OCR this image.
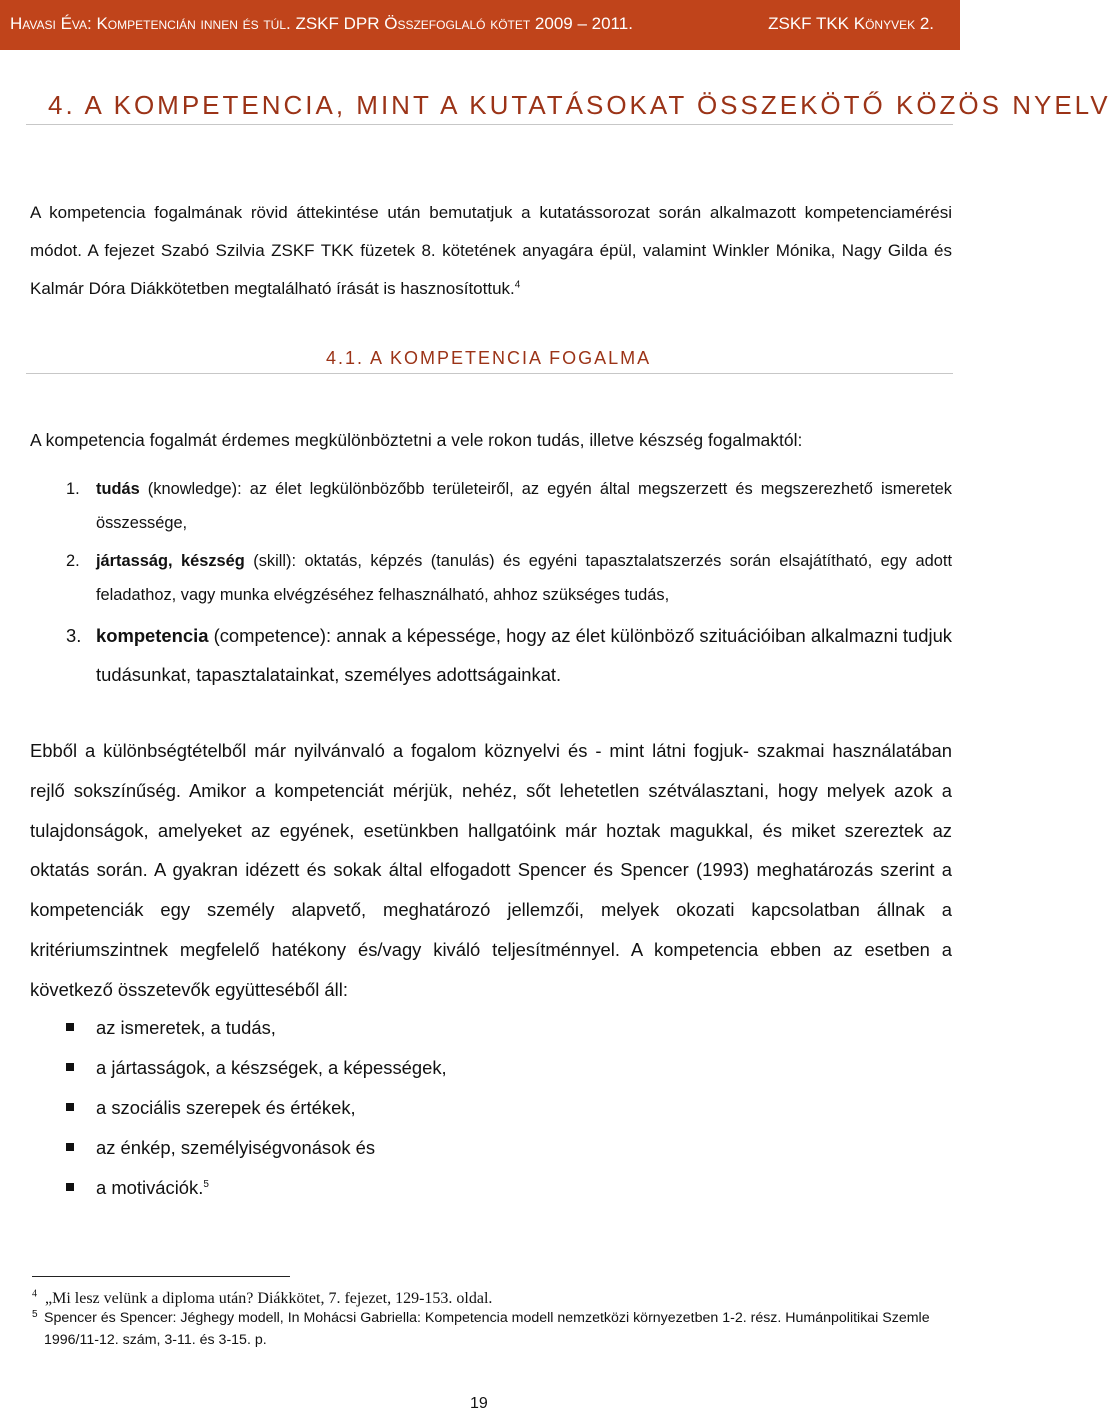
Havasi Éva: Kompetencián innen és túl. ZSKF DPR Összefoglaló kötet 2009 – 2011.	ZSKF TKK Könyvek 2.
4. A KOMPETENCIA, MINT A KUTATÁSOKAT ÖSSZEKÖTŐ KÖZÖS NYELV
A kompetencia fogalmának rövid áttekintése után bemutatjuk a kutatássorozat során alkalmazott kompetenciamérési módot. A fejezet Szabó Szilvia ZSKF TKK füzetek 8. kötetének anyagára épül, valamint Winkler Mónika, Nagy Gilda és Kalmár Dóra Diákkötetben megtalálható írását is hasznosítottuk.$^4$
4.1. A KOMPETENCIA FOGALMA
A kompetencia fogalmát érdemes megkülönböztetni a vele rokon tudás, illetve készség fogalmaktól:
1. tudás (knowledge): az élet legkülönbözőbb területeiről, az egyén által megszerzett és megszerezhető ismeretek összessége,
2. jártasság, készség (skill): oktatás, képzés (tanulás) és egyéni tapasztalatszerzés során elsajátítható, egy adott feladathoz, vagy munka elvégzéséhez felhasználható, ahhoz szükséges tudás,
3. kompetencia (competence): annak a képessége, hogy az élet különböző szituációiban alkalmazni tudjuk tudásunkat, tapasztalatainkat, személyes adottságainkat.
Ebből a különbségtételből már nyilvánvaló a fogalom köznyelvi és - mint látni fogjuk- szakmai használatában rejlő sokszínűség. Amikor a kompetenciát mérjük, nehéz, sőt lehetetlen szétválasztani, hogy melyek azok a tulajdonságok, amelyeket az egyének, esetünkben hallgatóink már hoztak magukkal, és miket szereztek az oktatás során. A gyakran idézett és sokak által elfogadott Spencer és Spencer (1993) meghatározás szerint a kompetenciák egy személy alapvető, meghatározó jellemzői, melyek okozati kapcsolatban állnak a kritériumszintnek megfelelő hatékony és/vagy kiváló teljesítménnyel. A kompetencia ebben az esetben a következő összetevők együtteséből áll:
az ismeretek, a tudás,
a jártasságok, a készségek, a képességek,
a szociális szerepek és értékek,
az énkép, személyiségvonások és
a motivációk.$^5$
$^4$ „Mi lesz velünk a diploma után? Diákkötet, 7. fejezet, 129-153. oldal.
5 Spencer és Spencer: Jéghegy modell, In Mohácsi Gabriella: Kompetencia modell nemzetközi környezetben 1-2. rész. Humánpolitikai Szemle 1996/11-12. szám, 3-11. és 3-15. p.
19
